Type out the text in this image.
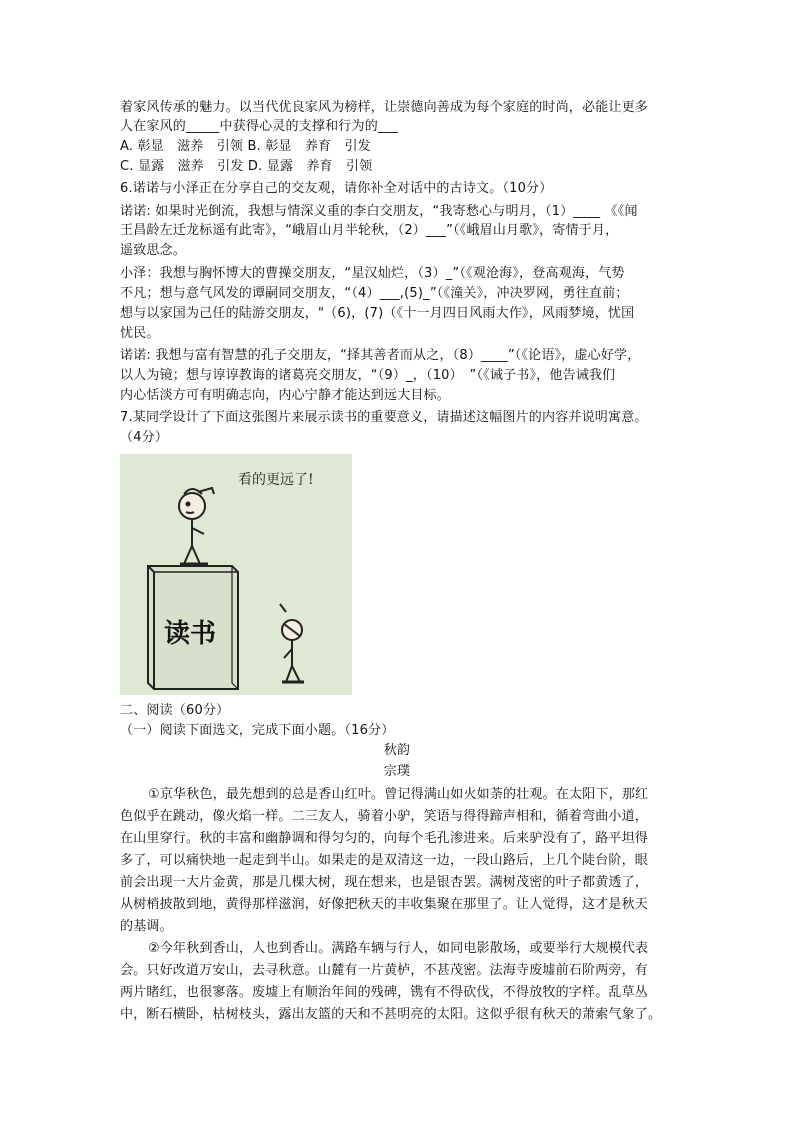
着家风传承的魅力。以当代优良家风为榜样，让崇德向善成为每个家庭的时尚，必能让更多
人在家风的_____中获得心灵的支撑和行为的___
A. 彰显　滋养　引领 B. 彰显　养育　引发
C. 显露　滋养　引发 D. 显露　养育　引领
6.诺诺与小泽正在分享自己的交友观，请你补全对话中的古诗文。（10分）
诺诺: 如果时光倒流，我想与情深义重的李白交朋友，“我寄愁心与明月，（1）____ 《《闻
王昌龄左迁龙标遥有此寄》，“峨眉山月半轮秋，（2）___”（《峨眉山月歌》，寄情于月，
遥致思念。
小泽：我想与胸怀博大的曹操交朋友，“星汉灿烂，（3）_”（《观沧海》，登高观海，气势
不凡；想与意气风发的谭嗣同交朋友，“（4）___,(5)_”（《潼关》，冲决罗网，勇往直前；
想与以家国为己任的陆游交朋友，"（6)，(7)（《十一月四日风雨大作》，风雨梦境，忧国
忧民。
诺诺: 我想与富有智慧的孔子交朋友，“择其善者而从之，（8）____”（《论语》，虚心好学，
以人为镜；想与谆谆教诲的诸葛亮交朋友，“（9）_，（10）　”（《诫子书》，他告诫我们
内心恬淡方可有明确志向，内心宁静才能达到远大目标。
7.某同学设计了下面这张图片来展示读书的重要意义，请描述这幅图片的内容并说明寓意。
（4分）
看的更远了!
读书
二、阅读（60分）
（一）阅读下面选文，完成下面小题。（16分）
秋韵
宗璞
①京华秋色，最先想到的总是香山红叶。曾记得满山如火如荼的壮观。在太阳下，那红
色似乎在跳动，像火焰一样。二三友人，骑着小驴，笑语与得得蹄声相和，循着弯曲小道，
在山里穿行。秋的丰富和幽静调和得匀匀的，向每个毛孔渗进来。后来驴没有了，路平坦得
多了，可以痛快地一起走到半山。如果走的是双清这一边，一段山路后，上几个陡台阶，眼
前会出现一大片金黄，那是几棵大树，现在想来，也是银杏罢。满树茂密的叶子都黄透了，
从树梢披散到地，黄得那样滋润，好像把秋天的丰收集聚在那里了。让人觉得，这才是秋天
的基调。
②今年秋到香山，人也到香山。满路车辆与行人，如同电影散场，或要举行大规模代表
会。只好改道万安山，去寻秋意。山麓有一片黄栌，不甚茂密。法海寺废墟前石阶两旁，有
两片睹红，也很寥落。废墟上有顺治年间的残碑，镌有不得砍伐，不得放牧的字样。乱草丛
中，断石横卧，枯树枝头，露出友篮的天和不甚明亮的太阳。这似乎很有秋天的萧索气象了。
